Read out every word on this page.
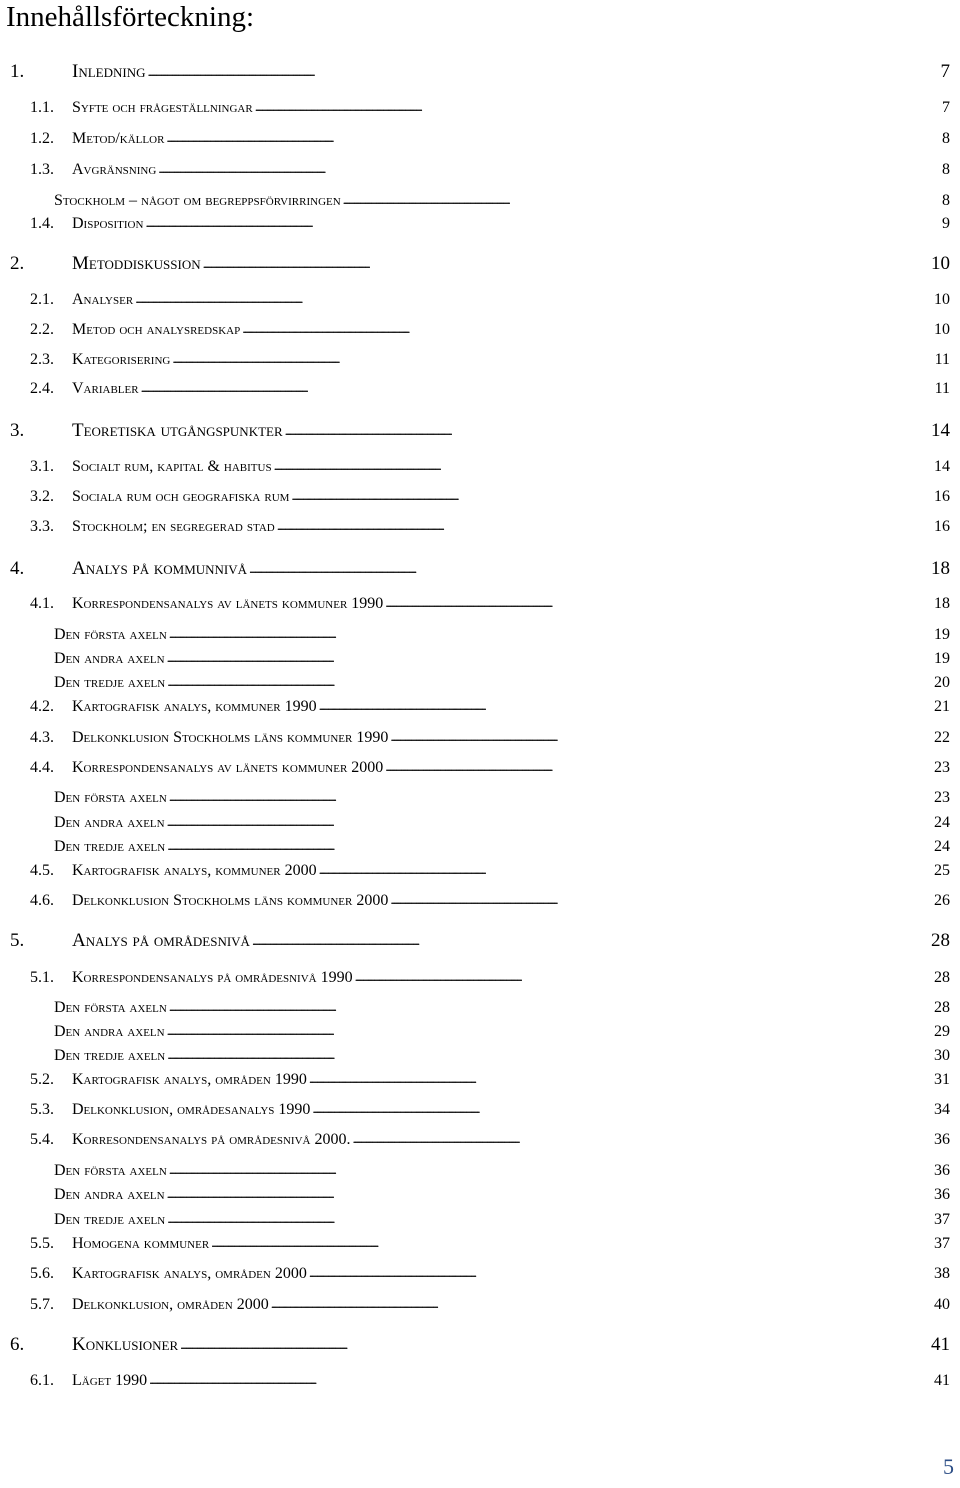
Innehållsförteckning:
1.	Inledning . . .	7
1.1.	Syfte och frågeställningar . . .	7
1.2.	Metod/källor . . .	8
1.3.	Avgränsning . . .	8
Stockholm – något om begreppsförvirringen . . .	8
1.4.	Disposition . . .	9
2.	Metoddiskussion . . .	10
2.1.	Analyser . . .	10
2.2.	Metod och analysredskap . . .	10
2.3.	Kategorisering . . .	11
2.4.	Variabler . . .	11
3.	Teoretiska utgångspunkter . . .	14
3.1.	Socialt rum, kapital & habitus . . .	14
3.2.	Sociala rum och geografiska rum . . .	16
3.3.	Stockholm; en segregerad stad . . .	16
4.	Analys på kommunnivå . . .	18
4.1.	Korrespondensanalys av länets kommuner 1990 . . .	18
Den första axeln . . .	19
Den andra axeln . . .	19
Den tredje axeln . . .	20
4.2.	Kartografisk analys, kommuner 1990 . . .	21
4.3.	Delkonklusion Stockholms läns kommuner 1990 . . .	22
4.4.	Korrespondensanalys av länets kommuner 2000 . . .	23
Den första axeln . . .	23
Den andra axeln . . .	24
Den tredje axeln . . .	24
4.5.	Kartografisk analys, kommuner 2000 . . .	25
4.6.	Delkonklusion Stockholms läns kommuner 2000 . . .	26
5.	Analys på områdesnivå . . .	28
5.1.	Korrespondensanalys på områdesnivå 1990 . . .	28
Den första axeln . . .	28
Den andra axeln . . .	29
Den tredje axeln . . .	30
5.2.	Kartografisk analys, områden 1990 . . .	31
5.3.	Delkonklusion, områdesanalys 1990 . . .	34
5.4.	Korresondensanalys på områdesnivå 2000. . . .	36
Den första axeln . . .	36
Den andra axeln . . .	36
Den tredje axeln . . .	37
5.5.	Homogena kommuner . . .	37
5.6.	Kartografisk analys, områden 2000 . . .	38
5.7.	Delkonklusion, områden 2000 . . .	40
6.	Konklusioner . . .	41
6.1.	Läget 1990 . . .	41
5
